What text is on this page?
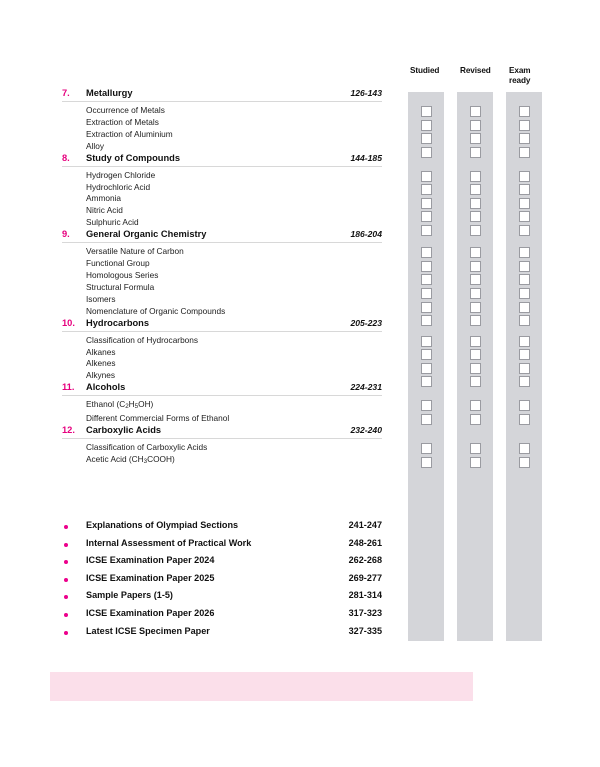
Studied	Revised	Exam
ready
7.	Metallurgy	126-143
Occurrence of Metals
Extraction of Metals
Extraction of Aluminium
Alloy
8.	Study of Compounds	144-185
Hydrogen Chloride
Hydrochloric Acid
Ammonia
Nitric Acid
Sulphuric Acid
9.	General Organic Chemistry	186-204
Versatile Nature of Carbon
Functional Group
Homologous Series
Structural Formula
Isomers
Nomenclature of Organic Compounds
10.	Hydrocarbons	205-223
Classification of Hydrocarbons
Alkanes
Alkenes
Alkynes
11.	Alcohols	224-231
Ethanol $(C_2H_5OH)$
Different Commercial Forms of Ethanol
12.	Carboxylic Acids	232-240
Classification of Carboxylic Acids
Acetic Acid $(CH_3COOH)$
Explanations of Olympiad Sections	241-247
Internal Assessment of Practical Work	248-261
ICSE Examination Paper 2024	262-268
ICSE Examination Paper 2025	269-277
Sample Papers (1-5)	281-314
ICSE Examination Paper 2026	317-323
Latest ICSE Specimen Paper	327-335
